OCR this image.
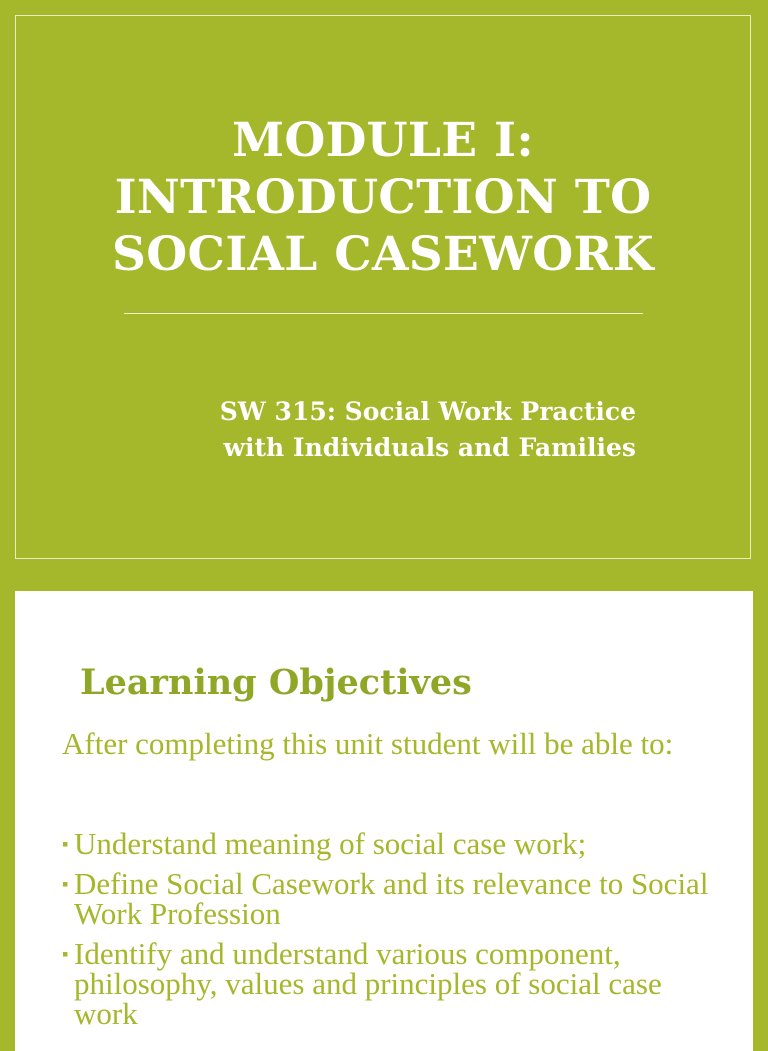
MODULE I:
INTRODUCTION TO
SOCIAL CASEWORK
SW 315: Social Work Practice
with Individuals and Families
Learning Objectives
After completing this unit student will be able to:
▪ Understand meaning of social case work;
▪ Define Social Casework and its relevance to Social Work Profession
▪ Identify and understand various component, philosophy, values and principles of social case work
